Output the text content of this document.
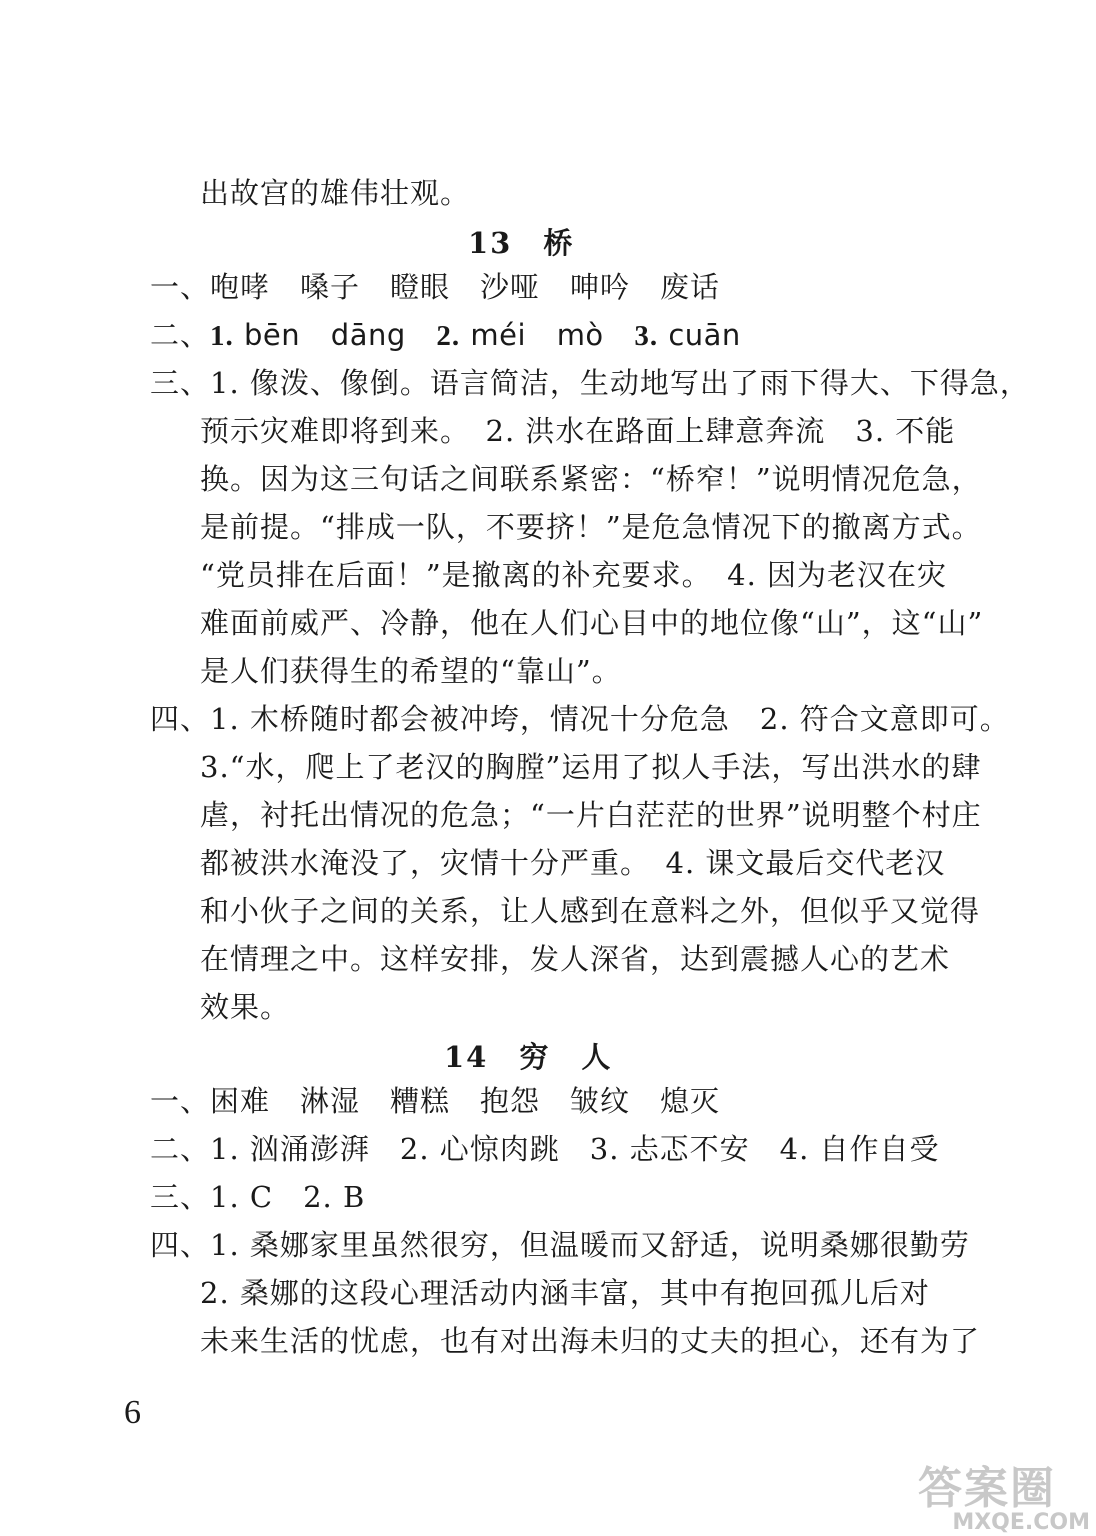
出故宫的雄伟壮观。
13　 桥
一、咆哮　嗓子　瞪眼　沙哑　呻吟　废话
二、1. bēn dāng 2. méi mò 3. cuān
三、1. 像泼、像倒。语言简洁，生动地写出了雨下得大、下得急，
预示灾难即将到来。　2. 洪水在路面上肆意奔流　3. 不能
换。因为这三句话之间联系紧密：“桥窄！”说明情况危急，
是前提。“排成一队，不要挤！”是危急情况下的撤离方式。
“党员排在后面！”是撤离的补充要求。　4. 因为老汉在灾
难面前威严、冷静，他在人们心目中的地位像“山”，这“山”
是人们获得生的希望的“靠山”。
四、1. 木桥随时都会被冲垮，情况十分危急　2. 符合文意即可。
3.“水，爬上了老汉的胸膛”运用了拟人手法，写出洪水的肆
虐，衬托出情况的危急；“一片白茫茫的世界”说明整个村庄
都被洪水淹没了，灾情十分严重。　4. 课文最后交代老汉
和小伙子之间的关系，让人感到在意料之外，但似乎又觉得
在情理之中。这样安排，发人深省，达到震撼人心的艺术
效果。
14　 穷　人
一、困难　淋湿　糟糕　抱怨　皱纹　熄灭
二、1. 汹涌澎湃　2. 心惊肉跳　3. 忐忑不安　4. 自作自受
三、1. C　2. B
四、1. 桑娜家里虽然很穷，但温暖而又舒适，说明桑娜很勤劳
2. 桑娜的这段心理活动内涵丰富，其中有抱回孤儿后对
未来生活的忧虑，也有对出海未归的丈夫的担心，还有为了
6
答案圈
MXQE.COM
